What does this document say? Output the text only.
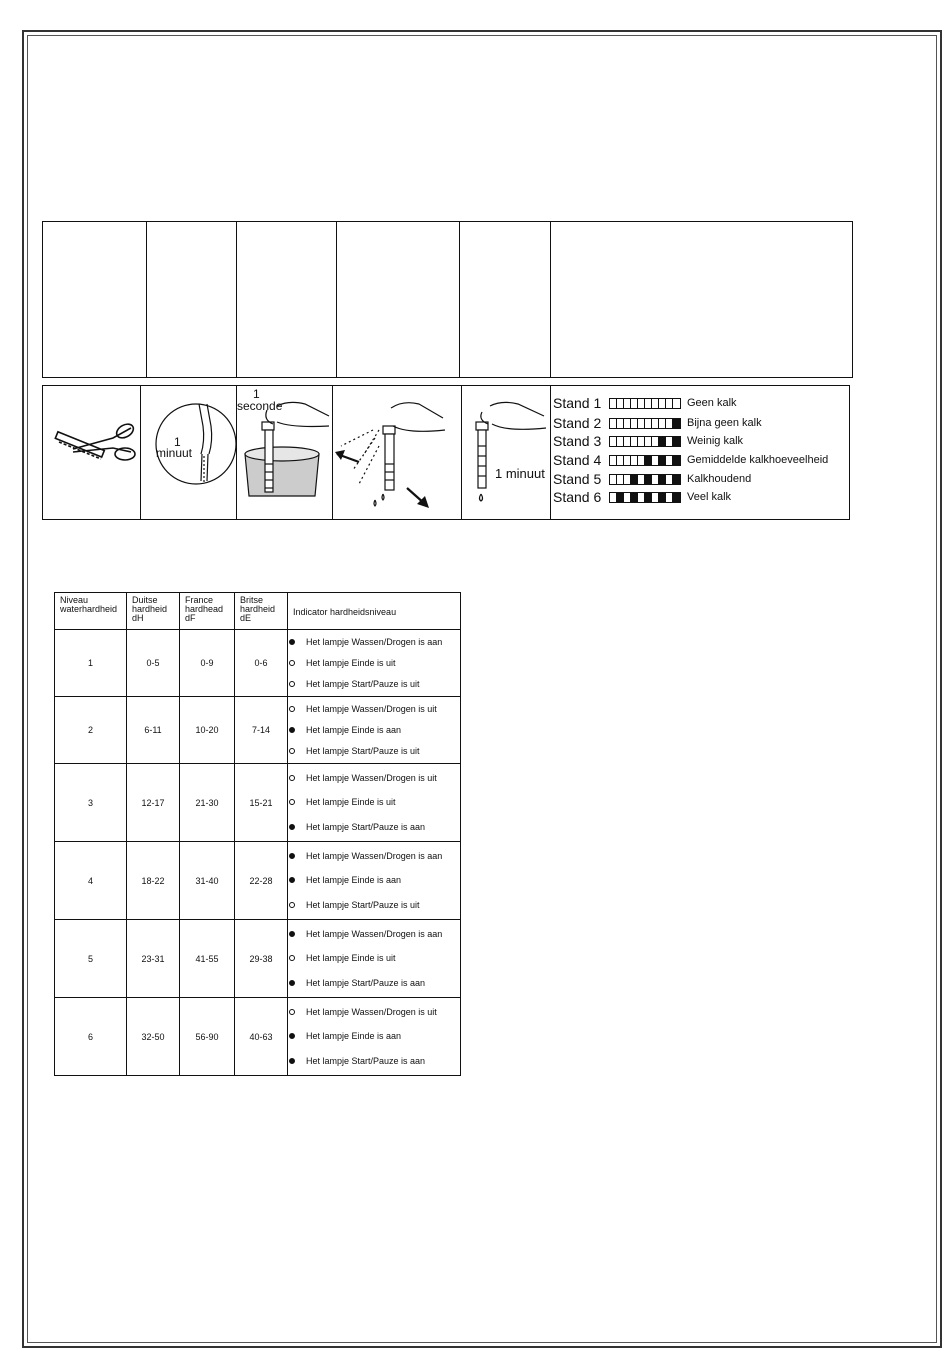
1
minuut
1
seconde
1 minuut
Stand 1	Geen kalk
Stand 2	Bijna geen kalk
Stand 3	Weinig kalk
Stand 4	Gemiddelde kalkhoeveelheid
Stand 5	Kalkhoudend
Stand 6	Veel kalk
Niveau
waterhardheid	Duitse
hardheid
dH	France
hardhead
dF	Britse
hardheid
dE	Indicator hardheidsniveau
1	0-5	0-9	0-6	Het lampje Wassen/Drogen is aan
Het lampje Einde is uit
Het lampje Start/Pauze is uit

2	6-11	10-20	7-14	Het lampje Wassen/Drogen is uit
Het lampje Einde is aan
Het lampje Start/Pauze is uit

3	12-17	21-30	15-21	Het lampje Wassen/Drogen is uit
Het lampje Einde is uit
Het lampje Start/Pauze is aan

4	18-22	31-40	22-28	Het lampje Wassen/Drogen is aan
Het lampje Einde is aan
Het lampje Start/Pauze is uit

5	23-31	41-55	29-38	Het lampje Wassen/Drogen is aan
Het lampje Einde is uit
Het lampje Start/Pauze is aan

6	32-50	56-90	40-63	Het lampje Wassen/Drogen is uit
Het lampje Einde is aan
Het lampje Start/Pauze is aan
